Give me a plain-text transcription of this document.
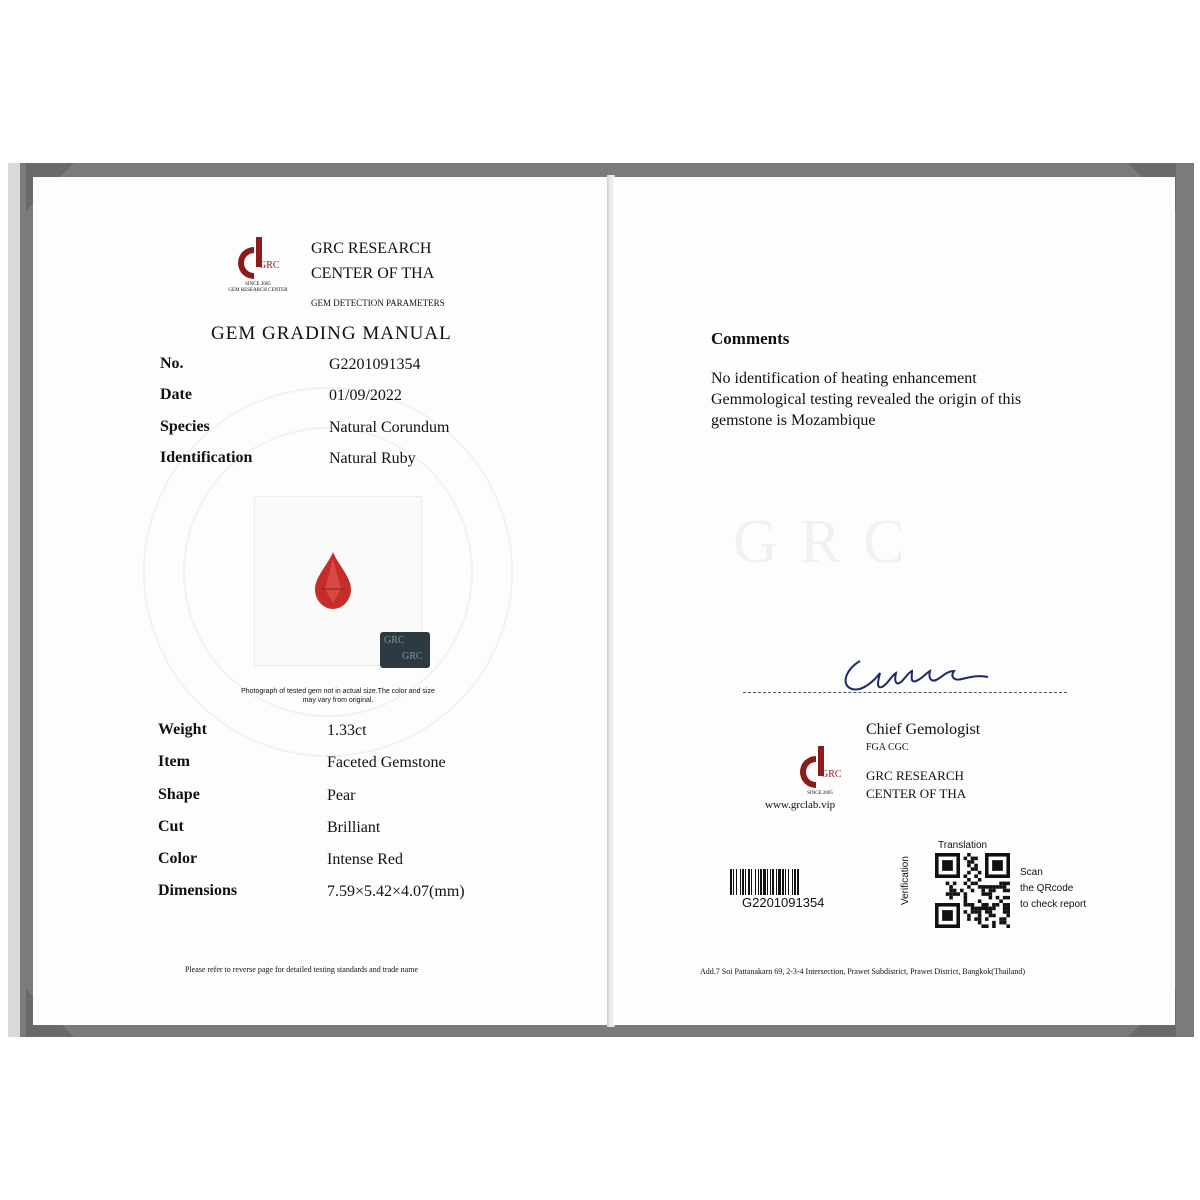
GRC
SINCE 2005
GEM RESEARCH CENTER
GRC RESEARCH
CENTER OF THA
GEM DETECTION PARAMETERS
GEM GRADING MANUAL
No.	G2201091354
Date	01/09/2022
Species	Natural Corundum
Identification	Natural Ruby
GRC
GRC
Photograph of tested gem not in actual size.The color and size may vary from original.
Weight	1.33ct
Item	Faceted Gemstone
Shape	Pear
Cut	Brilliant
Color	Intense Red
Dimensions	7.59×5.42×4.07(mm)
Please refer to reverse page for detailed testing standards and trade name
Comments
No identification of heating enhancement
Gemmological testing revealed the origin of this
gemstone is Mozambique
GRC
GRC
SINCE 2005
www.grclab.vip
Chief Gemologist
FGA CGC
GRC RESEARCH
CENTER OF THA
Add.7 Soi Pattanakarn 69, 2-3-4 Intersection, Prawet Subdistrict, Prawet District, Bangkok(Thailand)
G2201091354
Translation
Verification	Scan
the QRcode
to check report
